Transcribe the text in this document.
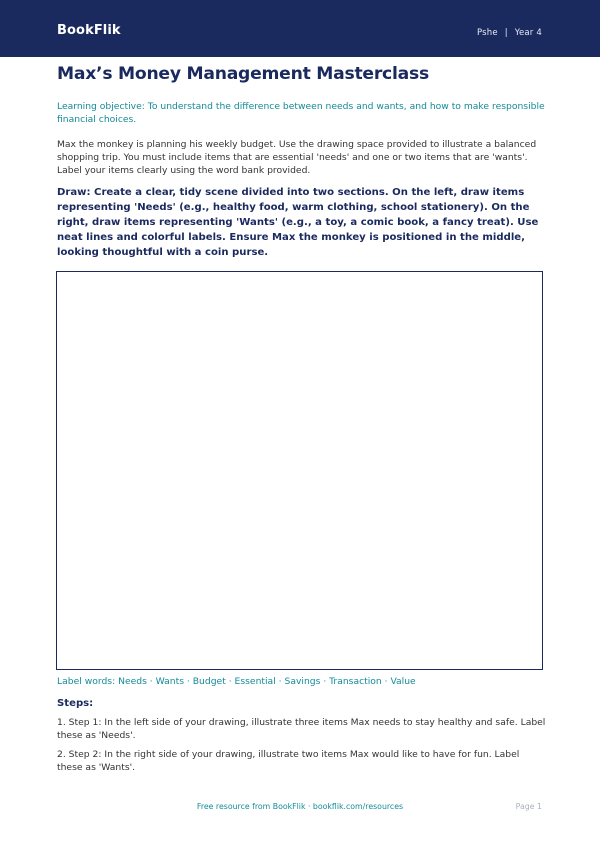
BookFlik	Pshe | Year 4
Max’s Money Management Masterclass
Learning objective: To understand the difference between needs and wants, and how to make responsible financial choices.
Max the monkey is planning his weekly budget. Use the drawing space provided to illustrate a balanced shopping trip. You must include items that are essential 'needs' and one or two items that are 'wants'. Label your items clearly using the word bank provided.
Draw: Create a clear, tidy scene divided into two sections. On the left, draw items representing 'Needs' (e.g., healthy food, warm clothing, school stationery). On the right, draw items representing 'Wants' (e.g., a toy, a comic book, a fancy treat). Use neat lines and colorful labels. Ensure Max the monkey is positioned in the middle, looking thoughtful with a coin purse.
Label words: Needs · Wants · Budget · Essential · Savings · Transaction · Value
Steps:
1. Step 1: In the left side of your drawing, illustrate three items Max needs to stay healthy and safe. Label these as 'Needs'.
2. Step 2: In the right side of your drawing, illustrate two items Max would like to have for fun. Label these as 'Wants'.
Free resource from BookFlik · bookflik.com/resources	Page 1
